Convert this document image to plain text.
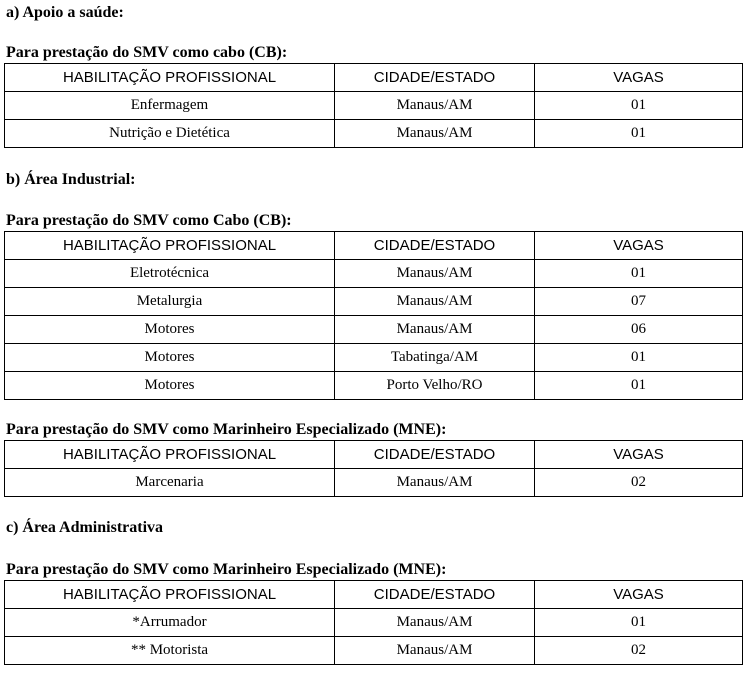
a) Apoio a saúde:
Para prestação do SMV como cabo (CB):
HABILITAÇÃO PROFISSIONAL	CIDADE/ESTADO	VAGAS
Enfermagem	Manaus/AM	01
Nutrição e Dietética	Manaus/AM	01
b) Área Industrial:
Para prestação do SMV como Cabo (CB):
HABILITAÇÃO PROFISSIONAL	CIDADE/ESTADO	VAGAS
Eletrotécnica	Manaus/AM	01
Metalurgia	Manaus/AM	07
Motores	Manaus/AM	06
Motores	Tabatinga/AM	01
Motores	Porto Velho/RO	01
Para prestação do SMV como Marinheiro Especializado (MNE):
HABILITAÇÃO PROFISSIONAL	CIDADE/ESTADO	VAGAS
Marcenaria	Manaus/AM	02
c) Área Administrativa
Para prestação do SMV como Marinheiro Especializado (MNE):
HABILITAÇÃO PROFISSIONAL	CIDADE/ESTADO	VAGAS
*Arrumador	Manaus/AM	01
** Motorista	Manaus/AM	02
